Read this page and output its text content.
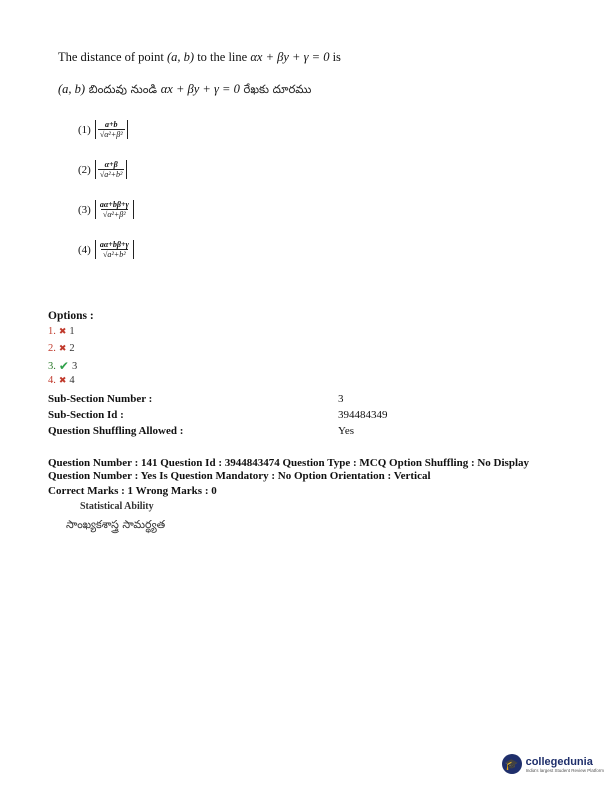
The distance of point (a, b) to the line αx + βy + γ = 0 is
(a, b) బిందువు నుండి αx + βy + γ = 0 రేఖకు దూరము
$(1) \frac{a+b}{\text{√α²+β²}}$
$(2) \frac{\alpha+\beta}{\text{√a²+b²}}$
$(3) \frac{a\alpha+b\beta+\gamma}{\text{√α²+β²}}$
$(4) \frac{a\alpha+b\beta+\gamma}{\text{√a²+b²}}$
Options :
1. ✖ 1
2. ✖ 2
3. ✔ 3
4. ✖ 4
Sub-Section Number :	3
Sub-Section Id :	394484349
Question Shuffling Allowed :	Yes
Question Number : 141 Question Id : 3944843474 Question Type : MCQ Option Shuffling : No Display
Question Number : Yes Is Question Mandatory : No Option Orientation : Vertical
Correct Marks : 1 Wrong Marks : 0
Statistical Ability
సాంఖ్యకశాస్త్ర సామర్థ్యత
🎓 collegedunia
India's largest Student Review Platform
